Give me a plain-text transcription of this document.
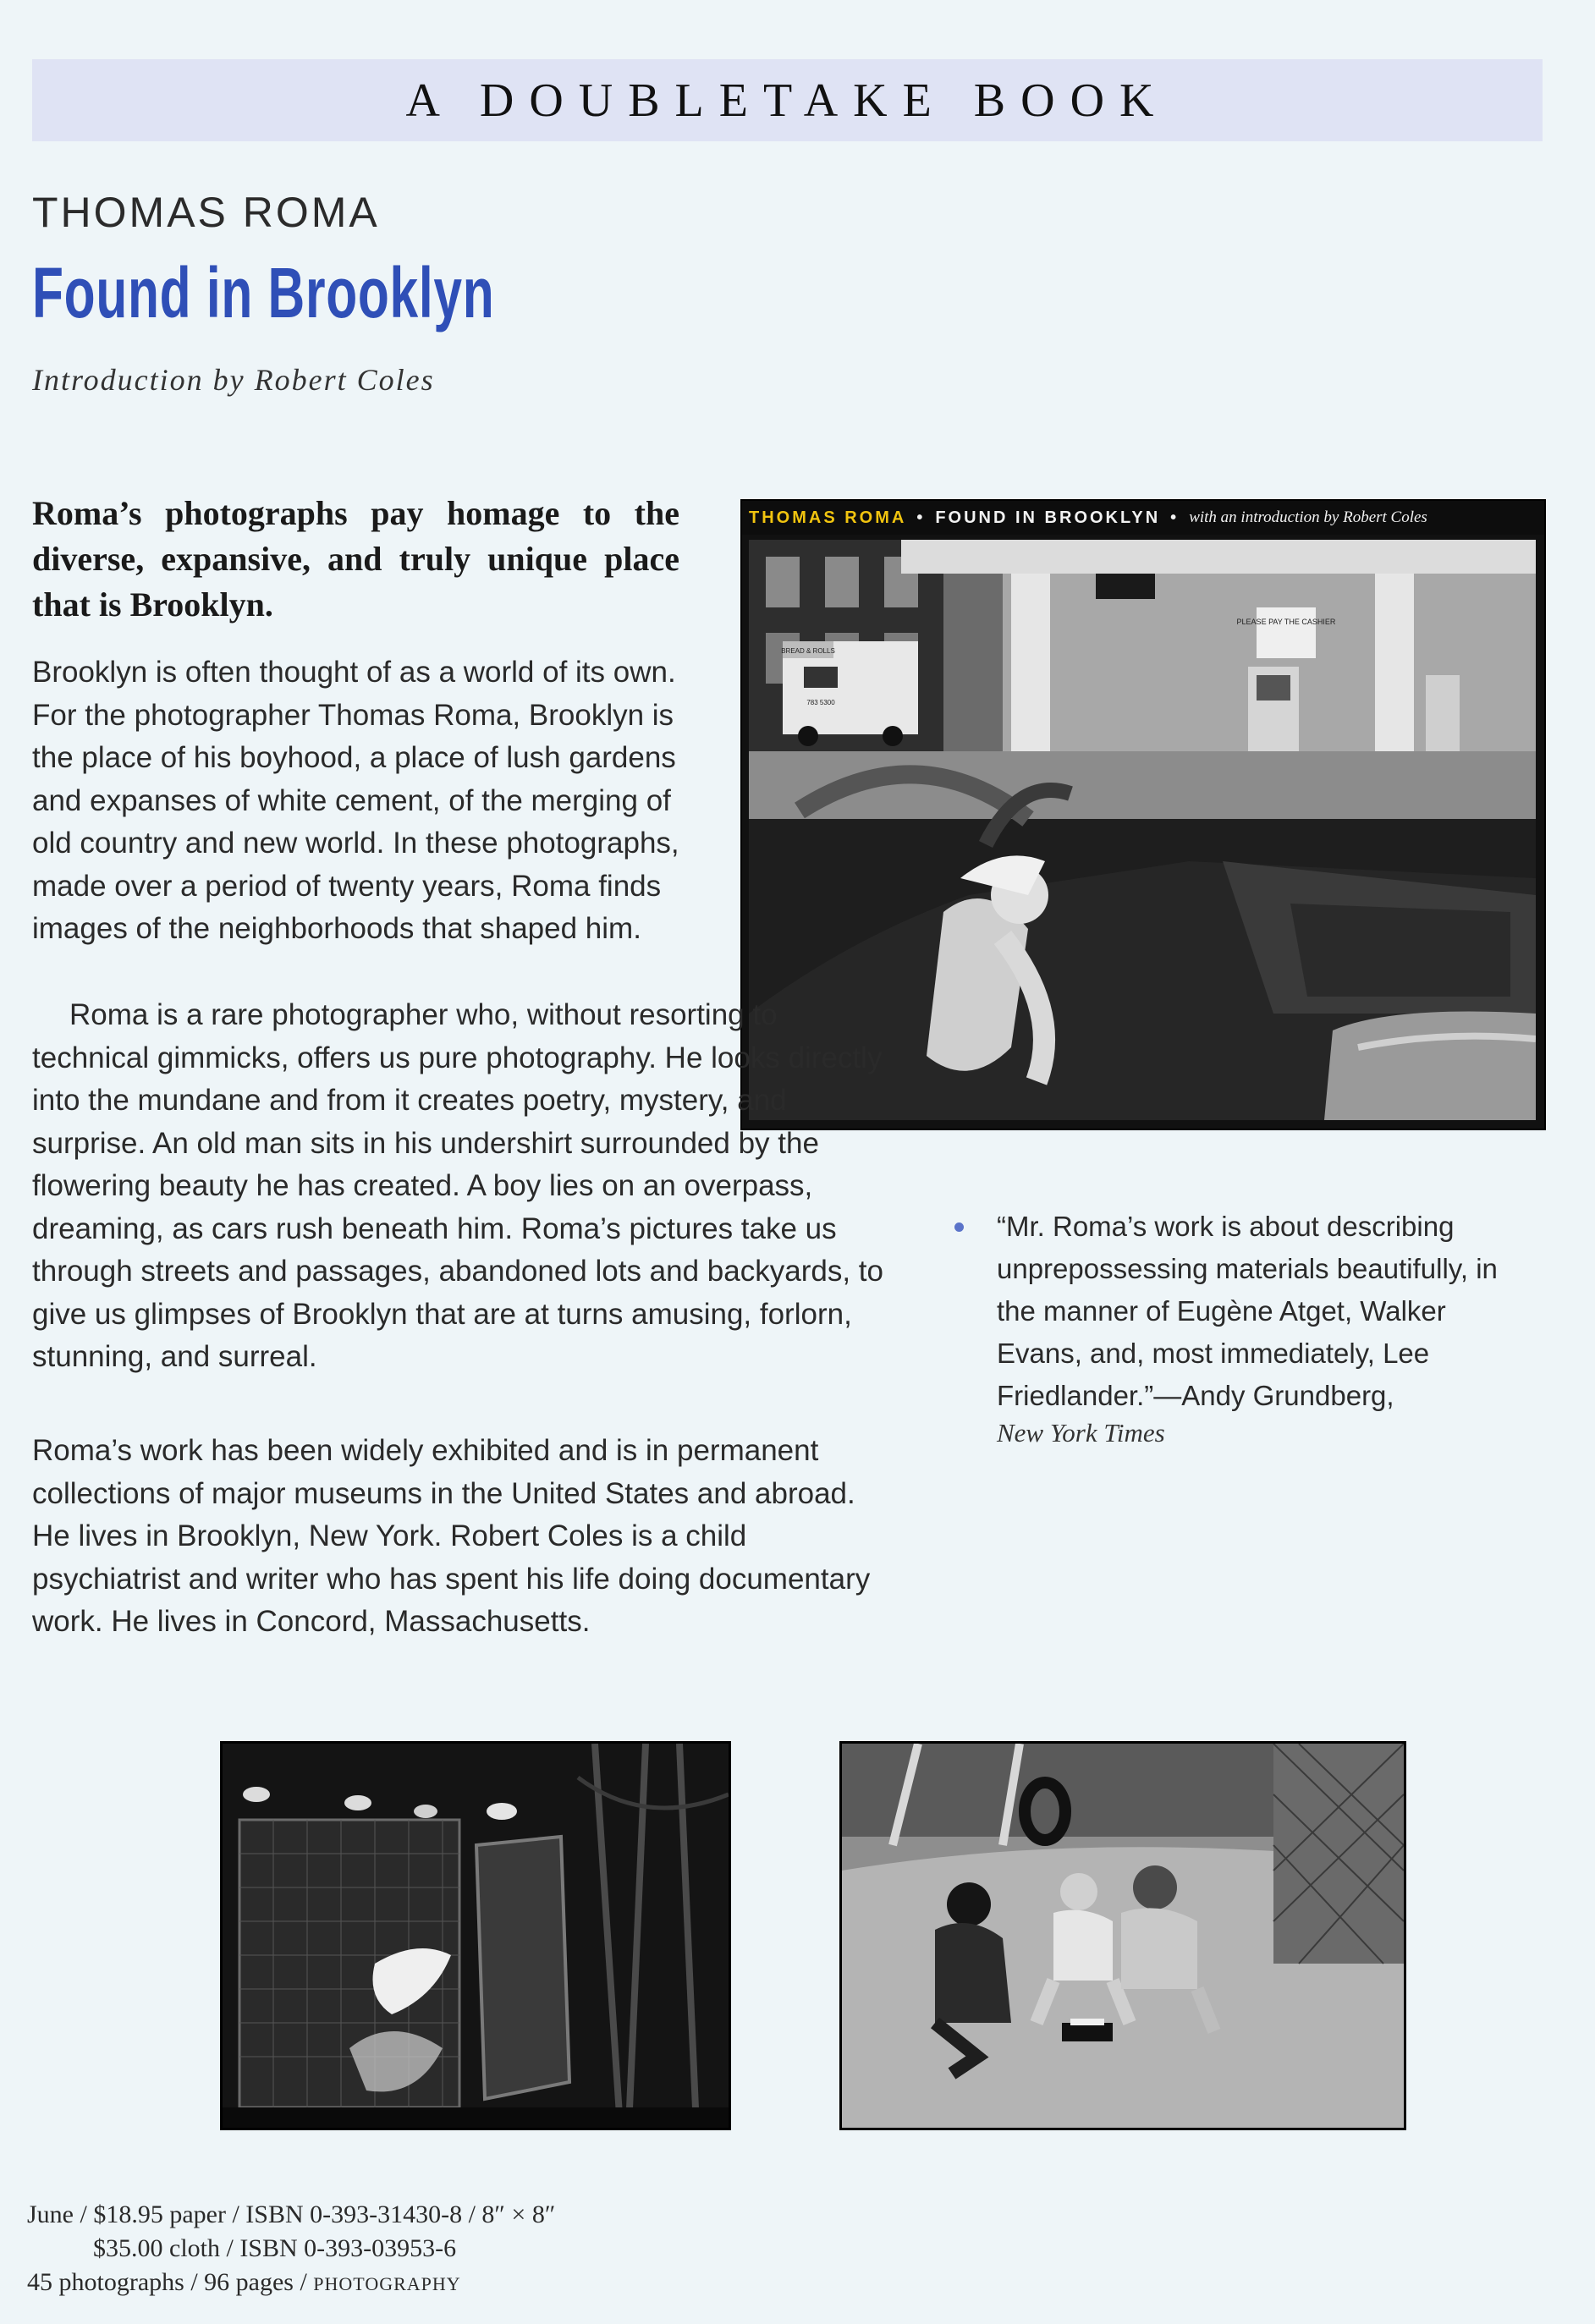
A DOUBLETAKE BOOK
THOMAS ROMA
Found in Brooklyn
Introduction by Robert Coles
Roma’s photographs pay homage to the diverse, expansive, and truly unique place that is Brooklyn.

Brooklyn is often thought of as a world of its own. For the photographer Thomas Roma, Brooklyn is the place of his boyhood, a place of lush gardens and expanses of white cement, of the merging of old country and new world. In these photographs, made over a period of twenty years, Roma finds images of the neighborhoods that shaped him.

THOMAS ROMA • FOUND IN BROOKLYN • with an introduction by Robert Coles
PLEASE PAY THE CASHIER
BREAD & ROLLS
783 5300

Roma is a rare photographer who, without resorting to technical gimmicks, offers us pure photography. He looks directly into the mundane and from it creates poetry, mystery, and surprise. An old man sits in his undershirt surrounded by the flowering beauty he has created. A boy lies on an overpass, dreaming, as cars rush beneath him. Roma’s pictures take us through streets and passages, abandoned lots and backyards, to give us glimpses of Brooklyn that are at turns amusing, forlorn, stunning, and surreal.

Roma’s work has been widely exhibited and is in permanent collections of major museums in the United States and abroad. He lives in Brooklyn, New York. Robert Coles is a child psychiatrist and writer who has spent his life doing documentary work. He lives in Concord, Massachusetts.

“Mr. Roma’s work is about describing unprepossessing materials beautifully, in the manner of Eugène Atget, Walker Evans, and, most immediately, Lee Friedlander.”—Andy Grundberg,
New York Times
June / $18.95 paper / ISBN 0-393-31430-8 / 8″ × 8″
$35.00 cloth / ISBN 0-393-03953-6
45 photographs / 96 pages / PHOTOGRAPHY
